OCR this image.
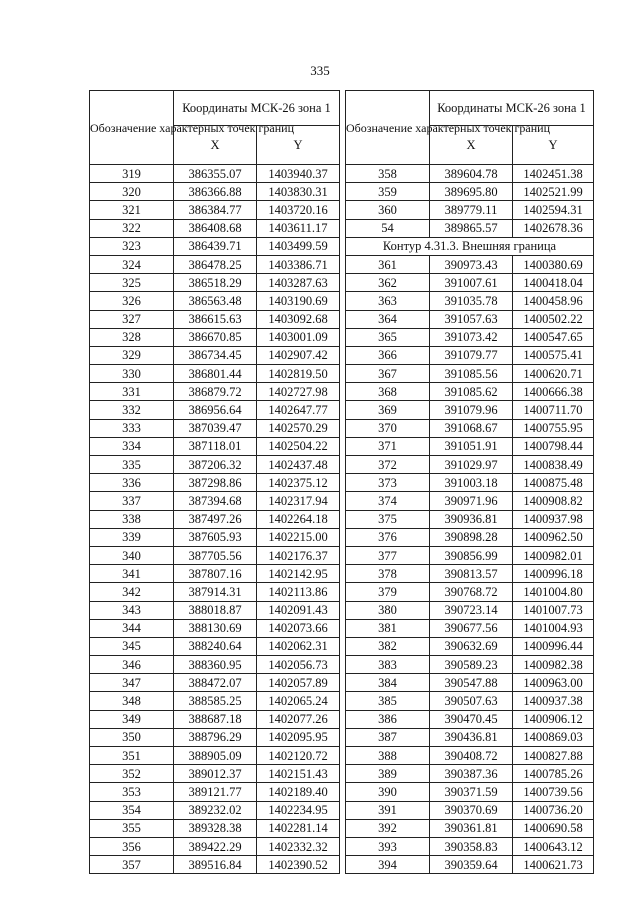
335
Обозначение характерных точек границ	Координаты МСК-26 зона 1	
	X	Y
319	386355.07	1403940.37
320	386366.88	1403830.31
321	386384.77	1403720.16
322	386408.68	1403611.17
323	386439.71	1403499.59
324	386478.25	1403386.71
325	386518.29	1403287.63
326	386563.48	1403190.69
327	386615.63	1403092.68
328	386670.85	1403001.09
329	386734.45	1402907.42
330	386801.44	1402819.50
331	386879.72	1402727.98
332	386956.64	1402647.77
333	387039.47	1402570.29
334	387118.01	1402504.22
335	387206.32	1402437.48
336	387298.86	1402375.12
337	387394.68	1402317.94
338	387497.26	1402264.18
339	387605.93	1402215.00
340	387705.56	1402176.37
341	387807.16	1402142.95
342	387914.31	1402113.86
343	388018.87	1402091.43
344	388130.69	1402073.66
345	388240.64	1402062.31
346	388360.95	1402056.73
347	388472.07	1402057.89
348	388585.25	1402065.24
349	388687.18	1402077.26
350	388796.29	1402095.95
351	388905.09	1402120.72
352	389012.37	1402151.43
353	389121.77	1402189.40
354	389232.02	1402234.95
355	389328.38	1402281.14
356	389422.29	1402332.32
357	389516.84	1402390.52
Обозначение характерных точек границ	Координаты МСК-26 зона 1	
	X	Y
358	389604.78	1402451.38
359	389695.80	1402521.99
360	389779.11	1402594.31
54	389865.57	1402678.36
Контур 4.31.3. Внешняя граница		
361	390973.43	1400380.69
362	391007.61	1400418.04
363	391035.78	1400458.96
364	391057.63	1400502.22
365	391073.42	1400547.65
366	391079.77	1400575.41
367	391085.56	1400620.71
368	391085.62	1400666.38
369	391079.96	1400711.70
370	391068.67	1400755.95
371	391051.91	1400798.44
372	391029.97	1400838.49
373	391003.18	1400875.48
374	390971.96	1400908.82
375	390936.81	1400937.98
376	390898.28	1400962.50
377	390856.99	1400982.01
378	390813.57	1400996.18
379	390768.72	1401004.80
380	390723.14	1401007.73
381	390677.56	1401004.93
382	390632.69	1400996.44
383	390589.23	1400982.38
384	390547.88	1400963.00
385	390507.63	1400937.38
386	390470.45	1400906.12
387	390436.81	1400869.03
388	390408.72	1400827.88
389	390387.36	1400785.26
390	390371.59	1400739.56
391	390370.69	1400736.20
392	390361.81	1400690.58
393	390358.83	1400643.12
394	390359.64	1400621.73
